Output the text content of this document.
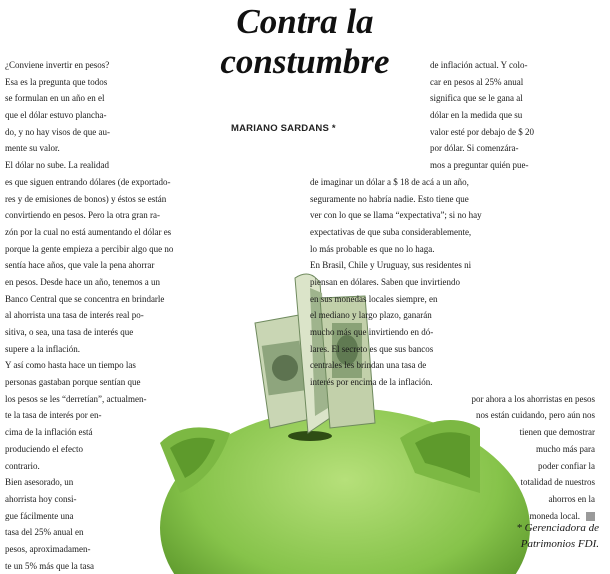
Contra la
constumbre
MARIANO SARDANS *
¿Conviene invertir en pesos?
Esa es la pregunta que todos
se formulan en un año en el
que el dólar estuvo plancha-
do, y no hay visos de que au-
mente su valor.
El dólar no sube. La realidad
es que siguen entrando dólares (de exportado-
res y de emisiones de bonos) y éstos se están
convirtiendo en pesos. Pero la otra gran ra-
zón por la cual no está aumentando el dólar es
porque la gente empieza a percibir algo que no
sentía hace años, que vale la pena ahorrar
en pesos. Desde hace un año, tenemos a un
Banco Central que se concentra en brindarle
al ahorrista una tasa de interés real po-
sitiva, o sea, una tasa de interés que
supere a la inflación.
Y así como hasta hace un tiempo las
personas gastaban porque sentían que
los pesos se les “derretían”, actualmen-
te la tasa de interés por en-
cima de la inflación está
produciendo el efecto
contrario.
Bien asesorado, un
ahorrista hoy consi-
gue fácilmente una
tasa del 25% anual en
pesos, aproximadamen-
te un 5% más que la tasa
de inflación actual. Y colo-
car en pesos al 25% anual
significa que se le gana al
dólar en la medida que su
valor esté por debajo de $ 20
por dólar. Si comenzára-
mos a preguntar quién pue-
de imaginar un dólar a $ 18 de acá a un año,
seguramente no habría nadie. Esto tiene que
ver con lo que se llama “expectativa”; si no hay
expectativas de que suba considerablemente,
lo más probable es que no lo haga.
En Brasil, Chile y Uruguay, sus residentes ni
piensan en dólares. Saben que invirtiendo
en sus monedas locales siempre, en
el mediano y largo plazo, ganarán
mucho más que invirtiendo en dó-
lares. El secreto es que sus bancos
centrales les brindan una tasa de
interés por encima de la inflación.
por ahora a los ahorristas en pesos
nos están cuidando, pero aún nos
tienen que demostrar
mucho más para
poder confiar la
totalidad de nuestros
ahorros en la
moneda local.
* Gerenciadora de
Patrimonios FDI.
